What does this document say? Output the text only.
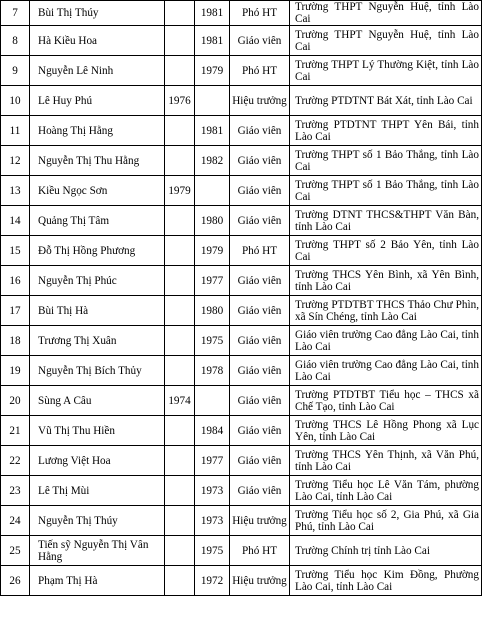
7	Bùi Thị Thúy		1981	Phó HT	Trường THPT Nguyễn Huệ, tỉnh Lào Cai
8	Hà Kiều Hoa		1981	Giáo viên	Trường THPT Nguyễn Huệ, tỉnh Lào Cai
9	Nguyễn Lê Ninh		1979	Phó HT	Trường THPT Lý Thường Kiệt, tỉnh Lào Cai
10	Lê Huy Phú	1976		Hiệu trưởng	Trường PTDTNT Bát Xát, tỉnh Lào Cai
11	Hoàng Thị Hằng		1981	Giáo viên	Trường PTDTNT THPT Yên Bái, tỉnh Lào Cai
12	Nguyễn Thị Thu Hằng		1982	Giáo viên	Trường THPT số 1 Bảo Thắng, tỉnh Lào Cai
13	Kiều Ngọc Sơn	1979		Giáo viên	Trường THPT số 1 Bảo Thắng, tỉnh Lào Cai
14	Quảng Thị Tâm		1980	Giáo viên	Trường DTNT THCS&THPT Văn Bàn, tỉnh Lào Cai
15	Đỗ Thị Hồng Phương		1979	Phó HT	Trường THPT số 2 Bảo Yên, tỉnh Lào Cai
16	Nguyễn Thị Phúc		1977	Giáo viên	Trường THCS Yên Bình, xã Yên Bình, tỉnh Lào Cai
17	Bùi Thị Hà		1980	Giáo viên	Trường PTDTBT THCS Thảo Chư Phìn, xã Sín Chéng, tỉnh Lào Cai
18	Trương Thị Xuân		1975	Giáo viên	Giáo viên trường Cao đẳng Lào Cai, tỉnh Lào Cai
19	Nguyễn Thị Bích Thủy		1978	Giáo viên	Giáo viên trường Cao đẳng Lào Cai, tỉnh Lào Cai
20	Sùng A Câu	1974		Giáo viên	Trường PTDTBT Tiểu học – THCS xã Chế Tạo, tỉnh Lào Cai
21	Vũ Thị Thu Hiền		1984	Giáo viên	Trường THCS Lê Hồng Phong xã Lục Yên, tỉnh Lào Cai
22	Lương Việt Hoa		1977	Giáo viên	Trường THCS Yên Thịnh, xã Văn Phú, tỉnh Lào Cai
23	Lê Thị Mùi		1973	Giáo viên	Trường Tiểu học Lê Văn Tám, phường Lào Cai, tỉnh Lào Cai
24	Nguyễn Thị Thúy		1973	Hiệu trưởng	Trường Tiểu học số 2, Gia Phú, xã Gia Phú, tỉnh Lào Cai
25	Tiến sỹ Nguyễn Thị Vân Hằng		1975	Phó HT	Trường Chính trị tỉnh Lào Cai
26	Phạm Thị Hà		1972	Hiệu trưởng	Trường Tiểu học Kim Đồng, Phường Lào Cai, tỉnh Lào Cai
